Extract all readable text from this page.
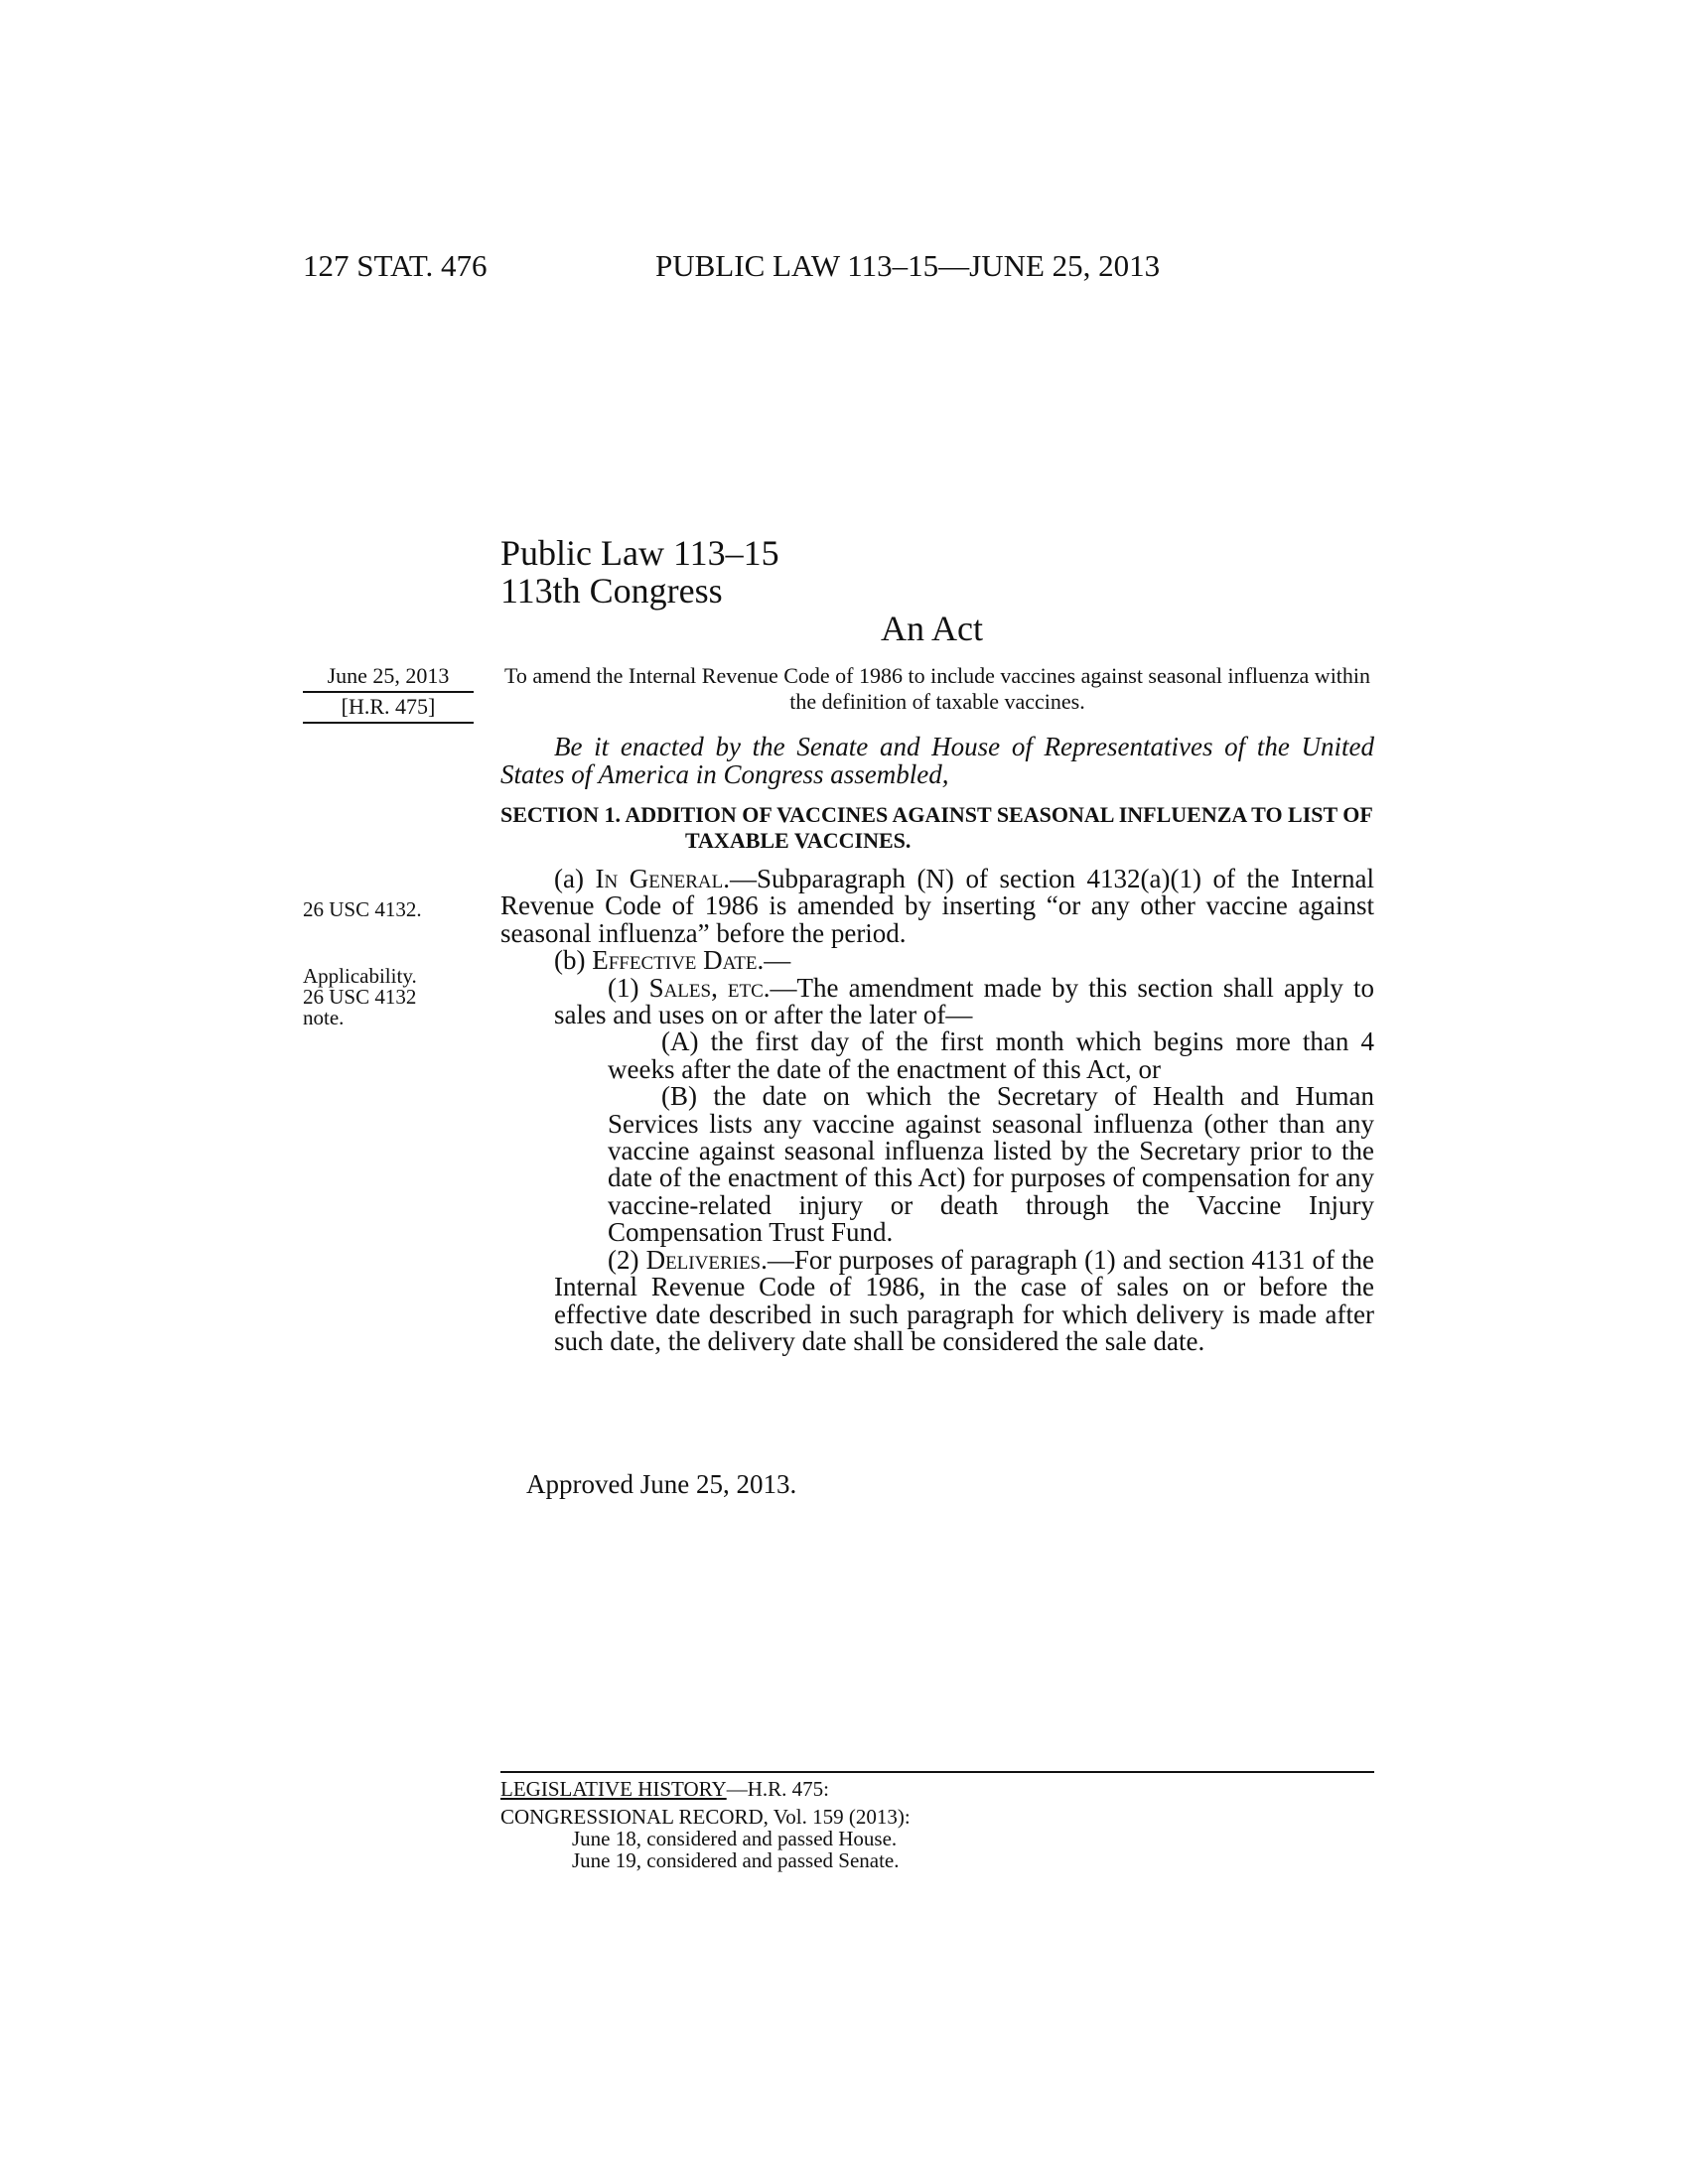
127 STAT. 476	PUBLIC LAW 113–15—JUNE 25, 2013
Public Law 113–15
113th Congress
An Act
June 25, 2013
[H.R. 475]
To amend the Internal Revenue Code of 1986 to include vaccines against seasonal influenza within the definition of taxable vaccines.
Be it enacted by the Senate and House of Representatives of the United States of America in Congress assembled,
SECTION 1. ADDITION OF VACCINES AGAINST SEASONAL INFLUENZA TO LIST OF TAXABLE VACCINES.

(a) In General.—Subparagraph (N) of section 4132(a)(1) of the Internal Revenue Code of 1986 is amended by inserting “or any other vaccine against seasonal influenza” before the period.

(b) Effective Date.—

(1) Sales, etc.—The amendment made by this section shall apply to sales and uses on or after the later of—

(A) the first day of the first month which begins more than 4 weeks after the date of the enactment of this Act, or

(B) the date on which the Secretary of Health and Human Services lists any vaccine against seasonal influenza (other than any vaccine against seasonal influenza listed by the Secretary prior to the date of the enactment of this Act) for purposes of compensation for any vaccine-related injury or death through the Vaccine Injury Compensation Trust Fund.

(2) Deliveries.—For purposes of paragraph (1) and section 4131 of the Internal Revenue Code of 1986, in the case of sales on or before the effective date described in such paragraph for which delivery is made after such date, the delivery date shall be considered the sale date.

26 USC 4132.
Applicability.
26 USC 4132
note.
Approved June 25, 2013.
LEGISLATIVE HISTORY—H.R. 475:
CONGRESSIONAL RECORD, Vol. 159 (2013):
June 18, considered and passed House.
June 19, considered and passed Senate.
